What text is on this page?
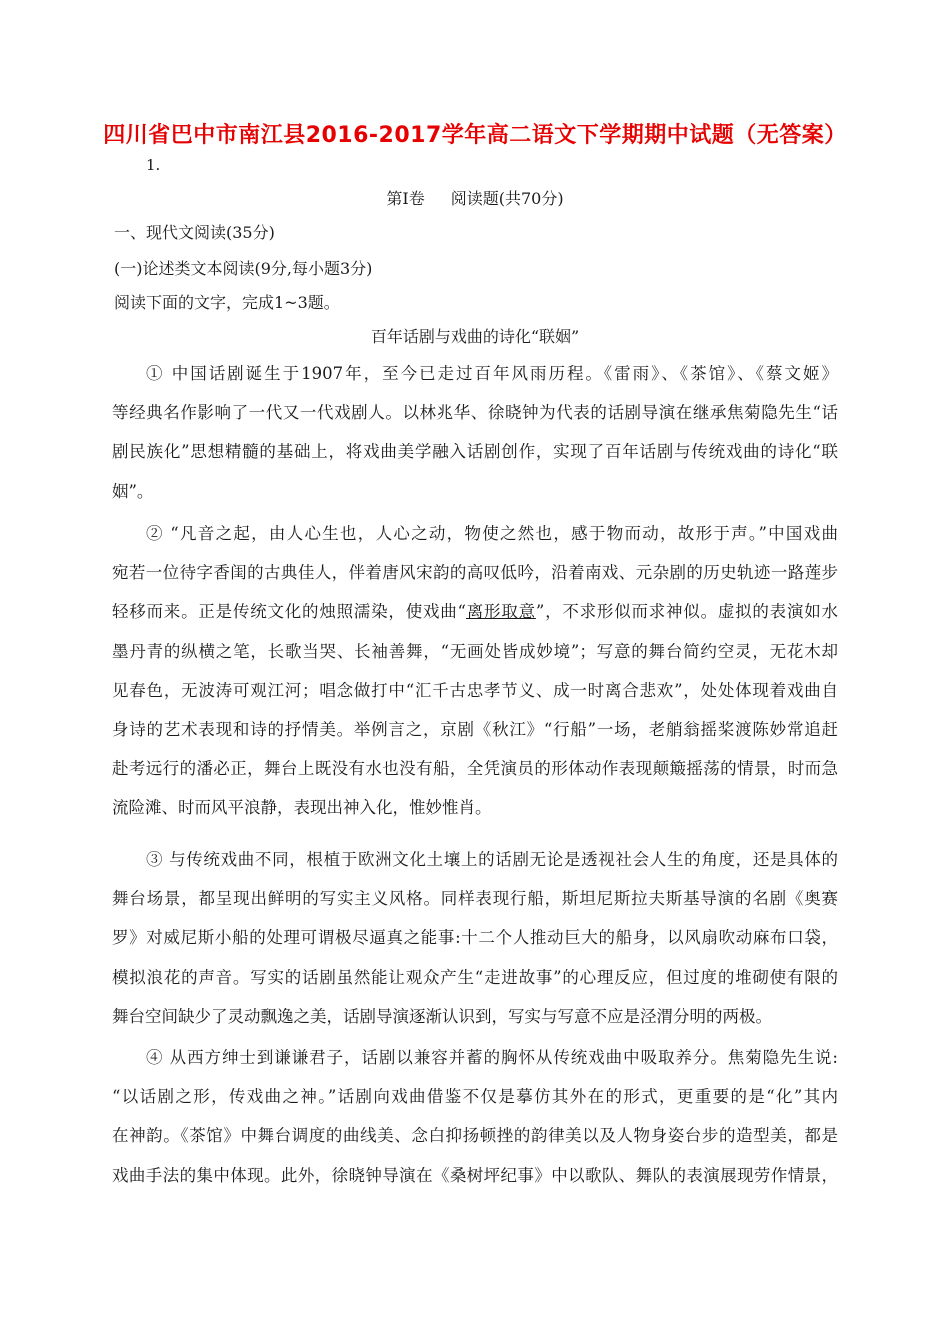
四川省巴中市南江县2016-2017学年高二语文下学期期中试题（无答案）
1.
第Ⅰ卷 阅读题(共70分)
一、现代文阅读(35分)
(一)论述类文本阅读(9分,每小题3分)
阅读下面的文字，完成1~3题。
百年话剧与戏曲的诗化“联姻”

① 中国话剧诞生于1907年，至今已走过百年风雨历程。《雷雨》、《茶馆》、《蔡文姬》

等经典名作影响了一代又一代戏剧人。以林兆华、徐晓钟为代表的话剧导演在继承焦菊隐先生“话

剧民族化”思想精髓的基础上，将戏曲美学融入话剧创作，实现了百年话剧与传统戏曲的诗化“联

姻”。

② “凡音之起，由人心生也，人心之动，物使之然也，感于物而动，故形于声。”中国戏曲

宛若一位待字香闺的古典佳人，伴着唐风宋韵的高叹低吟，沿着南戏、元杂剧的历史轨迹一路莲步

轻移而来。正是传统文化的烛照濡染，使戏曲“离形取意”，不求形似而求神似。虚拟的表演如水

墨丹青的纵横之笔，长歌当哭、长袖善舞，“无画处皆成妙境”；写意的舞台简约空灵，无花木却

见春色，无波涛可观江河；唱念做打中“汇千古忠孝节义、成一时离合悲欢”，处处体现着戏曲自

身诗的艺术表现和诗的抒情美。举例言之，京剧《秋江》“行船”一场，老艄翁摇桨渡陈妙常追赶

赴考远行的潘必正，舞台上既没有水也没有船，全凭演员的形体动作表现颠簸摇荡的情景，时而急

流险滩、时而风平浪静，表现出神入化，惟妙惟肖。

③ 与传统戏曲不同，根植于欧洲文化土壤上的话剧无论是透视社会人生的角度，还是具体的

舞台场景，都呈现出鲜明的写实主义风格。同样表现行船，斯坦尼斯拉夫斯基导演的名剧《奥赛

罗》对威尼斯小船的处理可谓极尽逼真之能事:十二个人推动巨大的船身，以风扇吹动麻布口袋，

模拟浪花的声音。写实的话剧虽然能让观众产生“走进故事”的心理反应，但过度的堆砌使有限的

舞台空间缺少了灵动飘逸之美，话剧导演逐渐认识到，写实与写意不应是泾渭分明的两极。

④ 从西方绅士到谦谦君子，话剧以兼容并蓄的胸怀从传统戏曲中吸取养分。焦菊隐先生说:

“以话剧之形，传戏曲之神。”话剧向戏曲借鉴不仅是摹仿其外在的形式，更重要的是“化”其内

在神韵。《茶馆》中舞台调度的曲线美、念白抑扬顿挫的韵律美以及人物身姿台步的造型美，都是

戏曲手法的集中体现。此外，徐晓钟导演在《桑树坪纪事》中以歌队、舞队的表演展现劳作情景，
